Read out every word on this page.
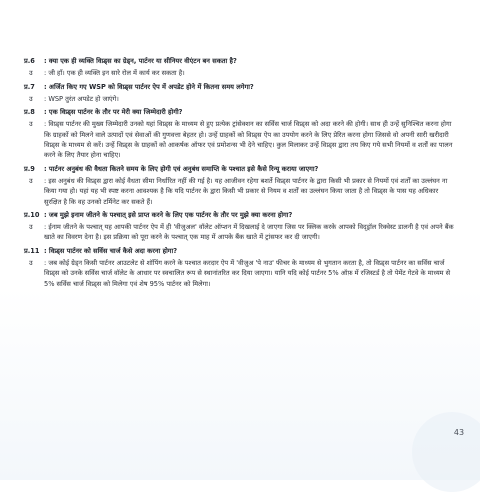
प्र.6	: क्या एक ही व्यक्ति विप्र्ड्स का ग्रेड्न, पार्टनर या सीनियर वीएंटन बन सकता है?
उ	: जी हाँ। एक ही व्यक्ति इन सारे रोल में कार्य कर सकता है।
प्र.7	: अर्जित किए गए WSP को विप्र्ड्स पार्टनर ऐप में अपडेट होने में कितना समय लगेगा?
उ	: WSP तुरंत अपडेट हो जाएंगे।
प्र.8	: एक विप्र्ड्स पार्टनर के तौर पर मेरी क्या जिम्मेदारी होगी?
उ	: विप्र्ड्स पार्टनर की मुख्य जिम्मेदारी उनको यहां विप्र्ड्स के माध्यम से हुए प्रत्येक ट्रांसेक्शन का सर्विस चार्ज विप्र्ड्स को अदा करने की होगी। साथ ही उन्हें सुनिश्चित करना होगा कि ग्राहकों को मिलने वाले उत्पादों एवं सेवाओं की गुणवत्ता बेहतर हो। उन्हें ग्राहकों को विप्र्ड्स ऐप का उपयोग करने के लिए प्रेरित करना होगा जिससे वो अपनी सारी खरीदारी विप्र्ड्स के माध्यम से करें। उन्हें विप्र्ड्स के ग्राहकों को आकर्षक ऑफर एवं प्रमोशन्स भी देने चाहिए। कुल मिलाकर उन्हें विप्र्ड्स द्वारा तय किए गये सभी नियमों व शर्तों का पालन करने के लिए तैयार होना चाहिए।
प्र.9	: पार्टनर अनुबंध की वैधता कितने समय के लिए होगी एवं अनुबंध समाप्ति के पश्चात इसे कैसे रिन्यू कराया जाएगा?
उ	: इस अनुबंध की विप्र्ड्स द्वारा कोई वैधता सीमा निर्धारित नहीं की गई है। यह आजीवन रहेगा बशर्ते विप्र्ड्स पार्टनर के द्वारा किसी भी प्रकार से नियमों एवं शर्तों का उल्लंघन ना किया गया हो। यहां यह भी स्पष्ट करना आवश्यक है कि यदि पार्टनर के द्वारा किसी भी प्रकार से नियम व शर्तों का उल्लंघन किया जाता है तो विप्र्ड्स के पास यह अधिकार सुरक्षित है कि वह उनको टर्मिनेट कर सकते हैं।
प्र.10 : जब मुझे इनाम जीतने के पश्चात् इसे प्राप्त करने के लिए एक पार्टनर के तौर पर मुझे क्या करना होगा?
उ	: ईनाम जीतने के पश्चात् यह आपकी पार्टनर ऐप में ही 'वीजुअल' वॉलेट ऑप्शन में दिखलाई दे जाएगा जिस पर क्लिक करके आपको विद्ड्रॉल रिक्वेस्ट डालनी है एवं अपने बैंक खाते का विवरण देना है। इस प्रक्रिया को पूरा करने के पश्चात् एक माह में आपके बैंक खाते में ट्रांसफर कर दी जाएगी।
प्र.11 : विप्र्ड्स पार्टनर को सर्विस चार्ज कैसे अदा करना होगा?
उ	: जब कोई ग्रेड्न किसी पार्टनर आउटलेट से शॉपिंग करने के पश्चात करदार ऐप में 'वीजुअ 'पे नाउ' फीचर के माध्यम से भुगतान करता है, तो विप्र्ड्स पार्टनर का सर्विस चार्ज विप्र्ड्स को उनके सर्विस चार्ज वॉलेट के आधार पर स्वचालित रूप से स्थानांतरित कर दिया जाएगा। यानि यदि कोई पार्टनर 5% ऑफ़ में रजिस्टर्ड है तो पेमेंट गेटवे के माध्यम से 5% सर्विस चार्ज विप्र्ड्स को मिलेगा एवं शेष 95% पार्टनर को मिलेगा।
43
